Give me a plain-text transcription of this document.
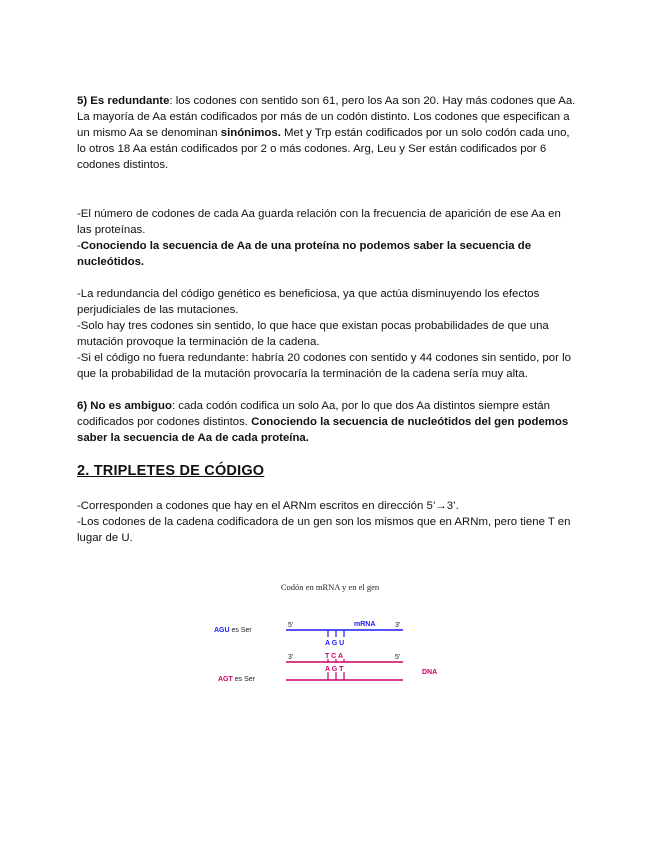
5) Es redundante: los codones con sentido son 61, pero los Aa son 20. Hay más codones que Aa. La mayoría de Aa están codificados por más de un codón distinto. Los codones que especifican a un mismo Aa se denominan sinónimos. Met y Trp están codificados por un solo codón cada uno, lo otros 18 Aa están codificados por 2 o más codones. Arg, Leu y Ser están codificados por 6 codones distintos.

-El número de codones de cada Aa guarda relación con la frecuencia de aparición de ese Aa en las proteínas.
-Conociendo la secuencia de Aa de una proteína no podemos saber la secuencia de nucleótidos.

-La redundancia del código genético es beneficiosa, ya que actúa disminuyendo los efectos perjudiciales de las mutaciones.
-Solo hay tres codones sin sentido, lo que hace que existan pocas probabilidades de que una mutación provoque la terminación de la cadena.
-Si el código no fuera redundante: habría 20 codones con sentido y 44 codones sin sentido, por lo que la probabilidad de la mutación provocaría la terminación de la cadena sería muy alta.

6) No es ambiguo: cada codón codifica un solo Aa, por lo que dos Aa distintos siempre están codificados por codones distintos. Conociendo la secuencia de nucleótidos del gen podemos saber la secuencia de Aa de cada proteína.

2. TRIPLETES DE CÓDIGO

-Corresponden a codones que hay en el ARNm escritos en dirección 5’→3’.
-Los codones de la cadena codificadora de un gen son los mismos que en ARNm, pero tiene T en lugar de U.

Codón en mRNA y en el gen
AGU es Ser
5'	mRNA	3'
A G U
3'	5'
T C A
A G T	DNA
AGT es Ser
